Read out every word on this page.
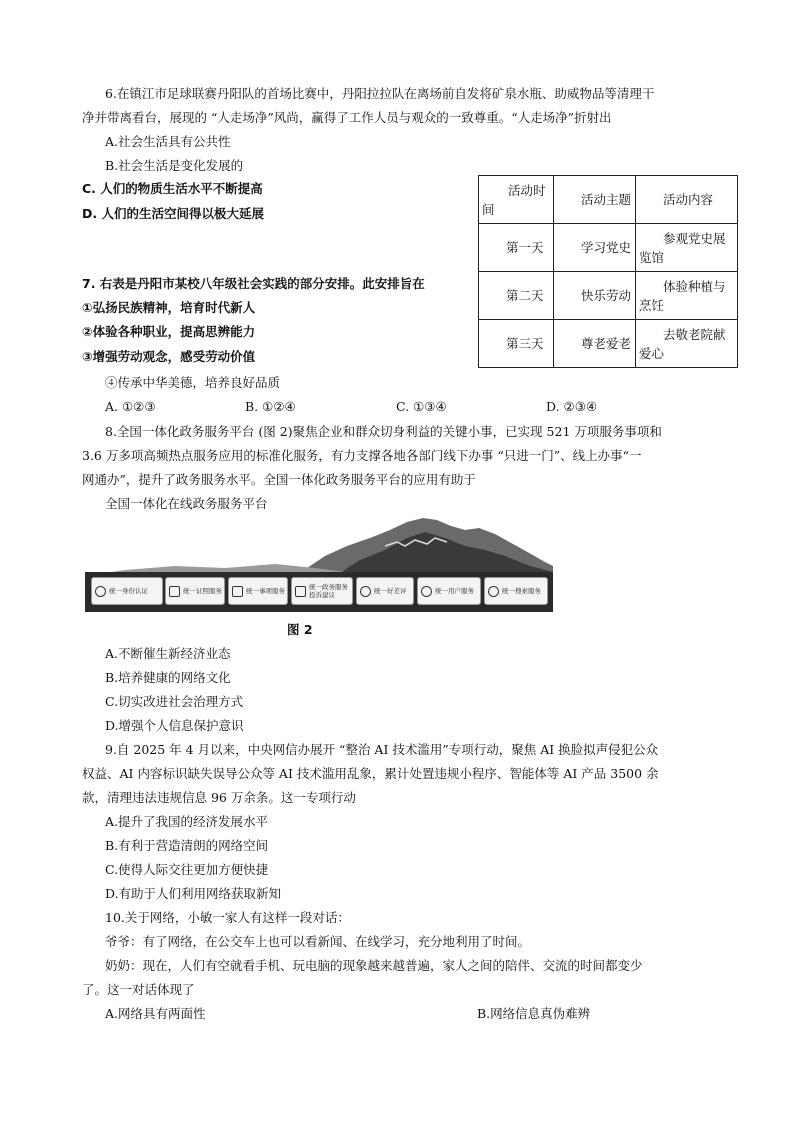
6.在镇江市足球联赛丹阳队的首场比赛中，丹阳拉拉队在离场前自发将矿泉水瓶、助威物品等清理干
净并带离看台，展现的 “人走场净”风尚，赢得了工作人员与观众的一致尊重。“人走场净”折射出
A.社会生活具有公共性
B.社会生活是变化发展的
C. 人们的物质生活水平不断提高
D. 人们的生活空间得以极大延展
活动时间	活动主题	活动内容

第一天	学习党史	参观党史展览馆

第二天	快乐劳动	体验种植与烹饪

第三天	尊老爱老	去敬老院献爱心
7. 右表是丹阳市某校八年级社会实践的部分安排。此安排旨在
①弘扬民族精神，培育时代新人
②体验各种职业，提高思辨能力
③增强劳动观念，感受劳动价值
④传承中华美德，培养良好品质
A. ①②③	B. ①②④	C. ①③④	D. ②③④
8.全国一体化政务服务平台 (图 2)聚焦企业和群众切身利益的关键小事，已实现 521 万项服务事项和
3.6 万多项高频热点服务应用的标准化服务，有力支撑各地各部门线下办事 “只进一门”、线上办事“一
网通办”，提升了政务服务水平。全国一体化政务服务平台的应用有助于
全国一体化在线政务服务平台
统一身份认证	统一证照服务	统一事项服务	统一政务服务投诉建议	统一好差评	统一用户服务	统一搜索服务
图 2
A.不断催生新经济业态
B.培养健康的网络文化
C.切实改进社会治理方式
D.增强个人信息保护意识
9.自 2025 年 4 月以来，中央网信办展开 “整治 AI 技术滥用”专项行动，聚焦 AI 换脸拟声侵犯公众
权益、AI 内容标识缺失误导公众等 AI 技术滥用乱象，累计处置违规小程序、智能体等 AI 产品 3500 余
款，清理违法违规信息 96 万余条。这一专项行动
A.提升了我国的经济发展水平
B.有利于营造清朗的网络空间
C.使得人际交往更加方便快捷
D.有助于人们利用网络获取新知
10.关于网络，小敏一家人有这样一段对话：
爷爷：有了网络，在公交车上也可以看新闻、在线学习，充分地利用了时间。
奶奶：现在，人们有空就看手机、玩电脑的现象越来越普遍，家人之间的陪伴、交流的时间都变少
了。这一对话体现了
A.网络具有两面性	B.网络信息真伪难辨
